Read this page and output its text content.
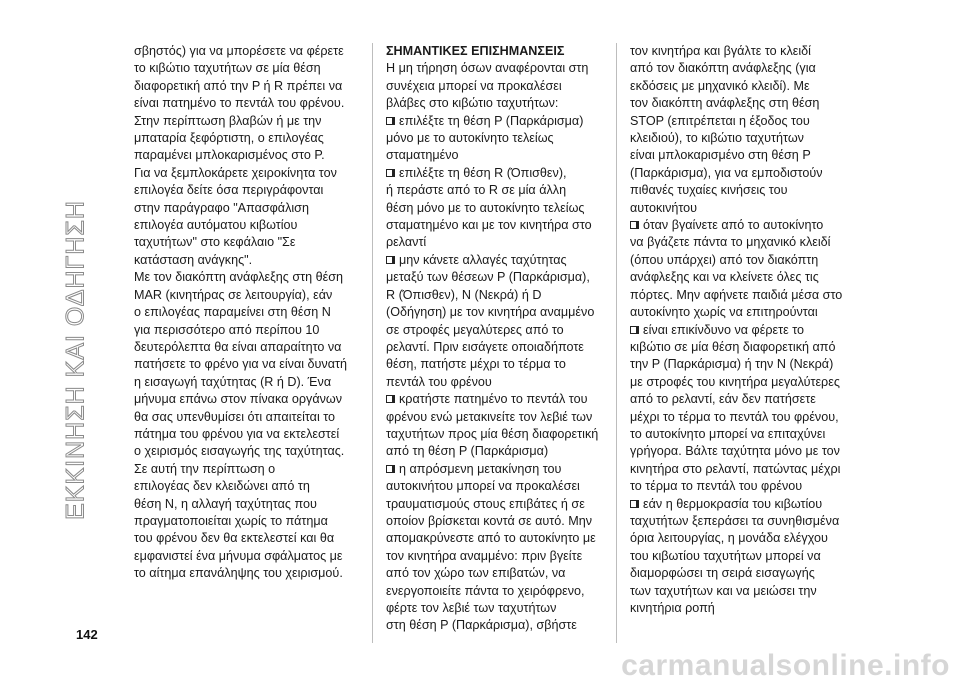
ΕΚΚΙΝΗΣΗ ΚΑΙ ΟΔΗΓΗΣΗ
σβηστός) για να μπορέσετε να φέρετε
το κιβώτιο ταχυτήτων σε μία θέση
διαφορετική από την P ή R πρέπει να
είναι πατημένο το πεντάλ του φρένου.
Στην περίπτωση βλαβών ή με την
μπαταρία ξεφόρτιστη, ο επιλογέας
παραμένει μπλοκαρισμένος στο P.
Για να ξεμπλοκάρετε χειροκίνητα τον
επιλογέα δείτε όσα περιγράφονται
στην παράγραφο "Απασφάλιση
επιλογέα αυτόματου κιβωτίου
ταχυτήτων" στο κεφάλαιο "Σε
κατάσταση ανάγκης".
Με τον διακόπτη ανάφλεξης στη θέση
MAR (κινητήρας σε λειτουργία), εάν
ο επιλογέας παραμείνει στη θέση N
για περισσότερο από περίπου 10
δευτερόλεπτα θα είναι απαραίτητο να
πατήσετε το φρένο για να είναι δυνατή
η εισαγωγή ταχύτητας (R ή D). Ένα
μήνυμα επάνω στον πίνακα οργάνων
θα σας υπενθυμίσει ότι απαιτείται το
πάτημα του φρένου για να εκτελεστεί
ο χειρισμός εισαγωγής της ταχύτητας.
Σε αυτή την περίπτωση ο
επιλογέας δεν κλειδώνει από τη
θέση N, η αλλαγή ταχύτητας που
πραγματοποιείται χωρίς το πάτημα
του φρένου δεν θα εκτελεστεί και θα
εμφανιστεί ένα μήνυμα σφάλματος με
το αίτημα επανάληψης του χειρισμού.
ΣΗΜΑΝΤΙΚΕΣ ΕΠΙΣΗΜΑΝΣΕΙΣ
Η μη τήρηση όσων αναφέρονται στη
συνέχεια μπορεί να προκαλέσει
βλάβες στο κιβώτιο ταχυτήτων:
επιλέξτε τη θέση P (Παρκάρισμα)
μόνο με το αυτοκίνητο τελείως
σταματημένο
επιλέξτε τη θέση R (Όπισθεν),
ή περάστε από το R σε μία άλλη
θέση μόνο με το αυτοκίνητο τελείως
σταματημένο και με τον κινητήρα στο
ρελαντί
μην κάνετε αλλαγές ταχύτητας
μεταξύ των θέσεων P (Παρκάρισμα),
R (Όπισθεν), N (Νεκρά) ή D
(Οδήγηση) με τον κινητήρα αναμμένο
σε στροφές μεγαλύτερες από το
ρελαντί. Πριν εισάγετε οποιαδήποτε
θέση, πατήστε μέχρι το τέρμα το
πεντάλ του φρένου
κρατήστε πατημένο το πεντάλ του
φρένου ενώ μετακινείτε τον λεβιέ των
ταχυτήτων προς μία θέση διαφορετική
από τη θέση P (Παρκάρισμα)
η απρόσμενη μετακίνηση του
αυτοκινήτου μπορεί να προκαλέσει
τραυματισμούς στους επιβάτες ή σε
οποίον βρίσκεται κοντά σε αυτό. Μην
απομακρύνεστε από το αυτοκίνητο με
τον κινητήρα αναμμένο: πριν βγείτε
από τον χώρο των επιβατών, να
ενεργοποιείτε πάντα το χειρόφρενο,
φέρτε τον λεβιέ των ταχυτήτων
στη θέση P (Παρκάρισμα), σβήστε
τον κινητήρα και βγάλτε το κλειδί
από τον διακόπτη ανάφλεξης (για
εκδόσεις με μηχανικό κλειδί). Με
τον διακόπτη ανάφλεξης στη θέση
STOP (επιτρέπεται η έξοδος του
κλειδιού), το κιβώτιο ταχυτήτων
είναι μπλοκαρισμένο στη θέση P
(Παρκάρισμα), για να εμποδιστούν
πιθανές τυχαίες κινήσεις του
αυτοκινήτου
όταν βγαίνετε από το αυτοκίνητο
να βγάζετε πάντα το μηχανικό κλειδί
(όπου υπάρχει) από τον διακόπτη
ανάφλεξης και να κλείνετε όλες τις
πόρτες. Μην αφήνετε παιδιά μέσα στο
αυτοκίνητο χωρίς να επιτηρούνται
είναι επικίνδυνο να φέρετε το
κιβώτιο σε μία θέση διαφορετική από
την P (Παρκάρισμα) ή την N (Νεκρά)
με στροφές του κινητήρα μεγαλύτερες
από το ρελαντί, εάν δεν πατήσετε
μέχρι το τέρμα το πεντάλ του φρένου,
το αυτοκίνητο μπορεί να επιταχύνει
γρήγορα. Βάλτε ταχύτητα μόνο με τον
κινητήρα στο ρελαντί, πατώντας μέχρι
το τέρμα το πεντάλ του φρένου
εάν η θερμοκρασία του κιβωτίου
ταχυτήτων ξεπεράσει τα συνηθισμένα
όρια λειτουργίας, η μονάδα ελέγχου
του κιβωτίου ταχυτήτων μπορεί να
διαμορφώσει τη σειρά εισαγωγής
των ταχυτήτων και να μειώσει την
κινητήρια ροπή
142
carmanualsonline.info
